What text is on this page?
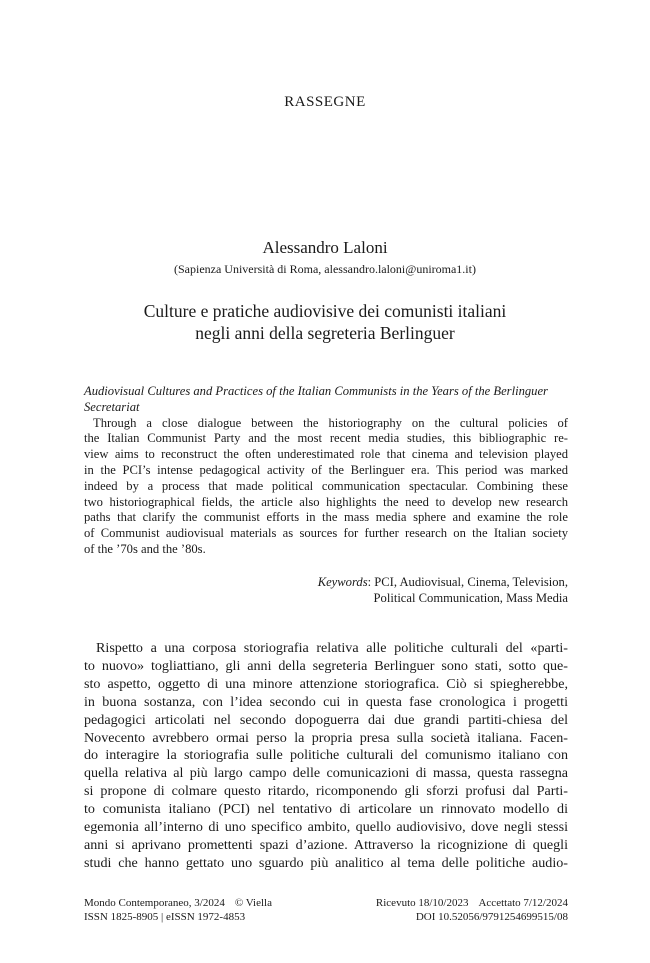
RASSEGNE
Alessandro Laloni
(Sapienza Università di Roma, alessandro.laloni@uniroma1.it)
Culture e pratiche audiovisive dei comunisti italiani
negli anni della segreteria Berlinguer
Audiovisual Cultures and Practices of the Italian Communists in the Years of the Berlinguer
Secretariat
Through a close dialogue between the historiography on the cultural policies of
the Italian Communist Party and the most recent media studies, this bibliographic re-
view aims to reconstruct the often underestimated role that cinema and television played
in the PCI’s intense pedagogical activity of the Berlinguer era. This period was marked
indeed by a process that made political communication spectacular. Combining these
two historiographical fields, the article also highlights the need to develop new research
paths that clarify the communist efforts in the mass media sphere and examine the role
of Communist audiovisual materials as sources for further research on the Italian society
of the ’70s and the ’80s.
Keywords: PCI, Audiovisual, Cinema, Television,
Political Communication, Mass Media
Rispetto a una corposa storiografia relativa alle politiche culturali del «parti-
to nuovo» togliattiano, gli anni della segreteria Berlinguer sono stati, sotto que-
sto aspetto, oggetto di una minore attenzione storiografica. Ciò si spiegherebbe,
in buona sostanza, con l’idea secondo cui in questa fase cronologica i progetti
pedagogici articolati nel secondo dopoguerra dai due grandi partiti-chiesa del
Novecento avrebbero ormai perso la propria presa sulla società italiana. Facen-
do interagire la storiografia sulle politiche culturali del comunismo italiano con
quella relativa al più largo campo delle comunicazioni di massa, questa rassegna
si propone di colmare questo ritardo, ricomponendo gli sforzi profusi dal Parti-
to comunista italiano (PCI) nel tentativo di articolare un rinnovato modello di
egemonia all’interno di uno specifico ambito, quello audiovisivo, dove negli stessi
anni si aprivano promettenti spazi d’azione. Attraverso la ricognizione di quegli
studi che hanno gettato uno sguardo più analitico al tema delle politiche audio-
Mondo Contemporaneo, 3/2024 © Viella
ISSN 1825-8905 | eISSN 1972-4853
Ricevuto 18/10/2023 Accettato 7/12/2024
DOI 10.52056/9791254699515/08
